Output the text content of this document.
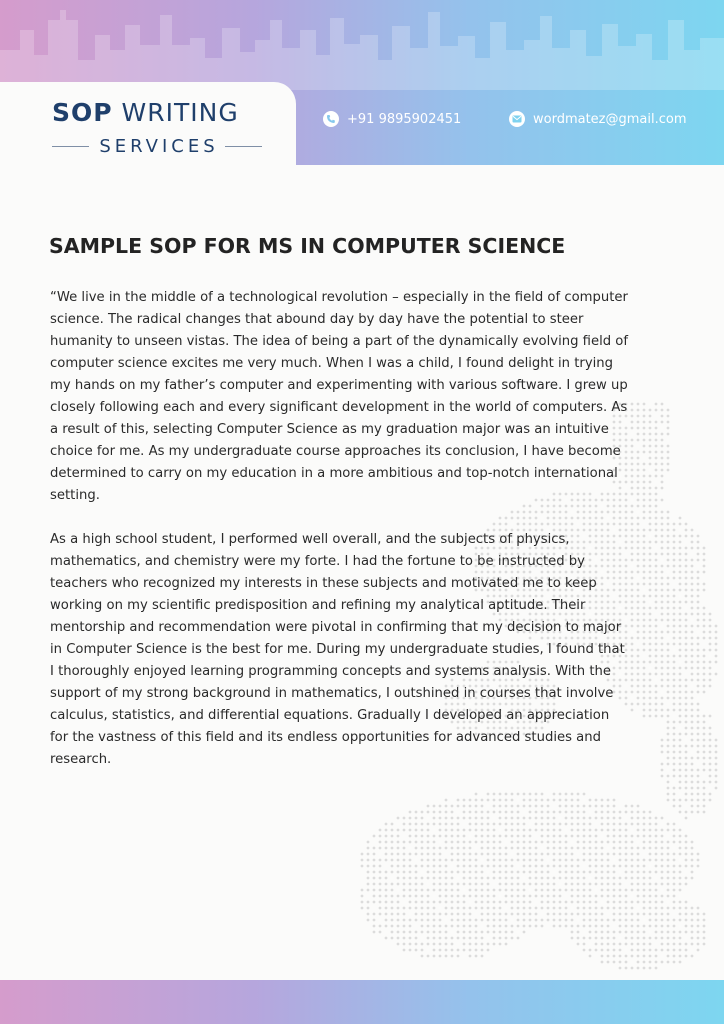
SOP WRITING
SERVICES
+91 9895902451	wordmatez@gmail.com
SAMPLE SOP FOR MS IN COMPUTER SCIENCE

“We live in the middle of a technological revolution – especially in the field of computer science. The radical changes that abound day by day have the potential to steer humanity to unseen vistas. The idea of being a part of the dynamically evolving field of computer science excites me very much. When I was a child, I found delight in trying my hands on my father’s computer and experimenting with various software. I grew up closely following each and every significant development in the world of computers. As a result of this, selecting Computer Science as my graduation major was an intuitive choice for me. As my undergraduate course approaches its conclusion, I have become determined to carry on my education in a more ambitious and top-notch international setting.

As a high school student, I performed well overall, and the subjects of physics, mathematics, and chemistry were my forte. I had the fortune to be instructed by teachers who recognized my interests in these subjects and motivated me to keep working on my scientific predisposition and refining my analytical aptitude. Their mentorship and recommendation were pivotal in confirming that my decision to major in Computer Science is the best for me. During my undergraduate studies, I found that I thoroughly enjoyed learning programming concepts and systems analysis. With the support of my strong background in mathematics, I outshined in courses that involve calculus, statistics, and differential equations. Gradually I developed an appreciation for the vastness of this field and its endless opportunities for advanced studies and research.
